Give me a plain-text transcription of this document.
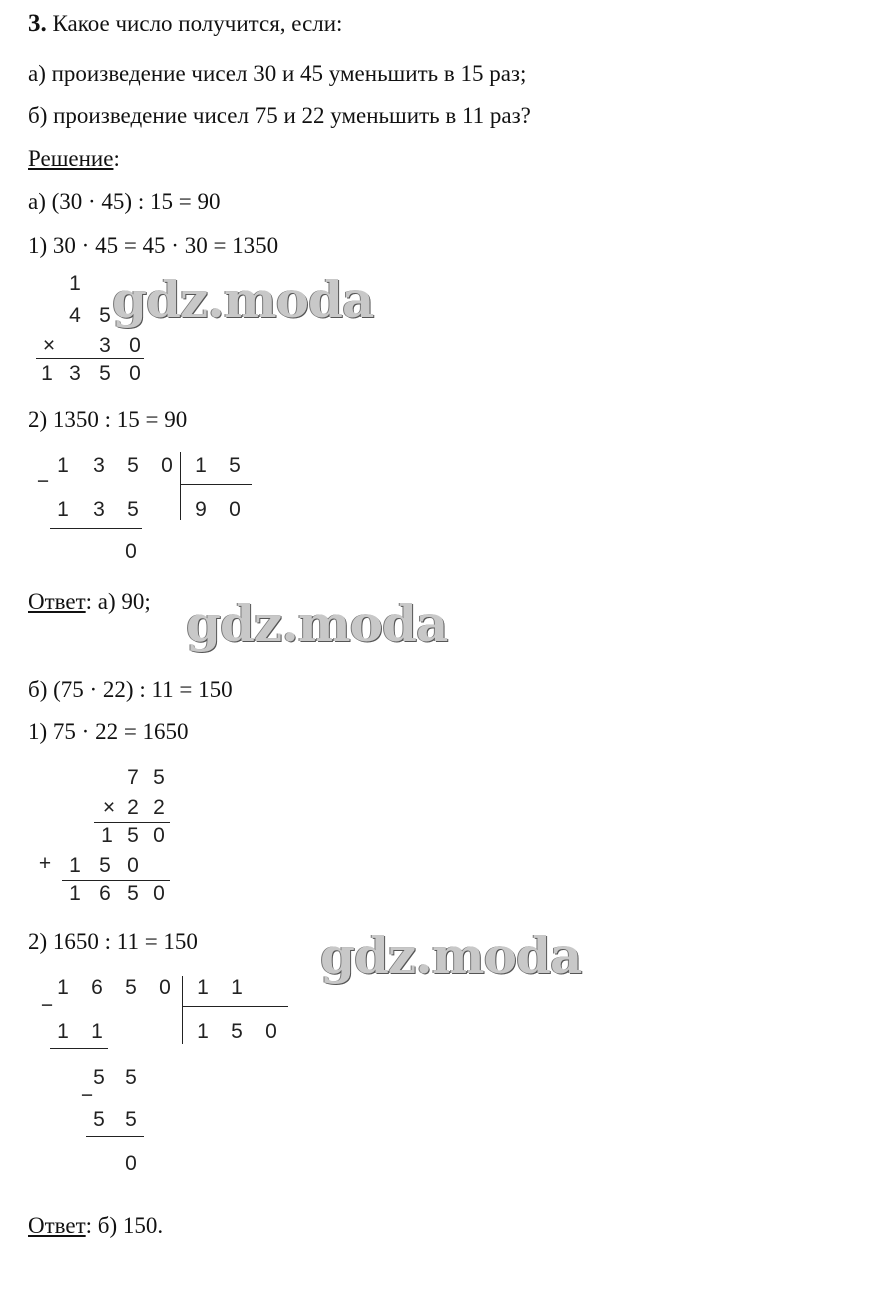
3. Какое число получится, если:
а) произведение чисел 30 и 45 уменьшить в 15 раз;
б) произведение чисел 75 и 22 уменьшить в 11 раз?
Решение:
а) (30 · 45) : 15 = 90
1) 30 · 45 = 45 · 30 = 1350
2) 1350 : 15 = 90
Ответ: а) 90;
б) (75 · 22) : 11 = 150
1) 75 · 22 = 1650
2) 1650 : 11 = 150
Ответ: б) 150.
1
4 5
× 3 0
1 3 5 0
−
1 3 5 0 1 5
1 3 5	9 0
0
7 5
× 2 2
1 5 0
+ 1 5 0
1 6 5 0
−
1 6 5 0 1 1
1 1	1 5 0
−
5 5
5 5
0
gdz.moda
gdz.moda
gdz.moda
